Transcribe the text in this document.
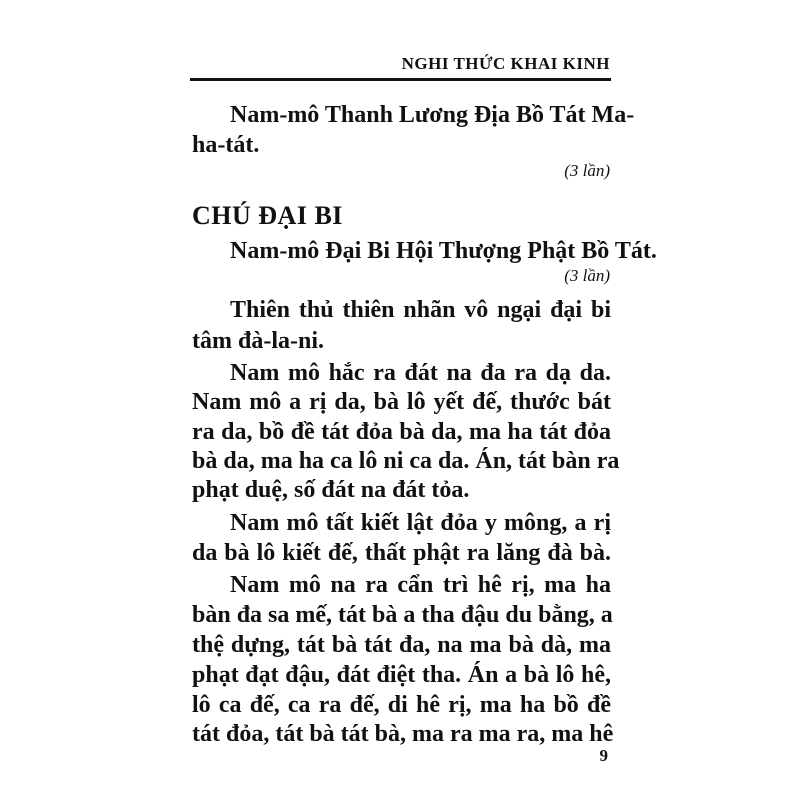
NGHI THỨC KHAI KINH
Nam-mô Thanh Lương Địa Bồ Tát Ma-
ha-tát.
(3 lần)
CHÚ ĐẠI BI
Nam-mô Đại Bi Hội Thượng Phật Bồ Tát.
(3 lần)
Thiên thủ thiên nhãn vô ngại đại bi
tâm đà-la-ni.
Nam mô hắc ra đát na đa ra dạ da.
Nam mô a rị da, bà lô yết đế, thước bát
ra da, bồ đề tát đỏa bà da, ma ha tát đỏa
bà da, ma ha ca lô ni ca da. Án, tát bàn ra
phạt duệ, số đát na đát tỏa.
Nam mô tất kiết lật đỏa y mông, a rị
da bà lô kiết đế, thất phật ra lăng đà bà.
Nam mô na ra cẩn trì hê rị, ma ha
bàn đa sa mế, tát bà a tha đậu du bằng, a
thệ dựng, tát bà tát đa, na ma bà dà, ma
phạt đạt đậu, đát điệt tha. Án a bà lô hê,
lô ca đế, ca ra đế, di hê rị, ma ha bồ đề
tát đỏa, tát bà tát bà, ma ra ma ra, ma hê
9
